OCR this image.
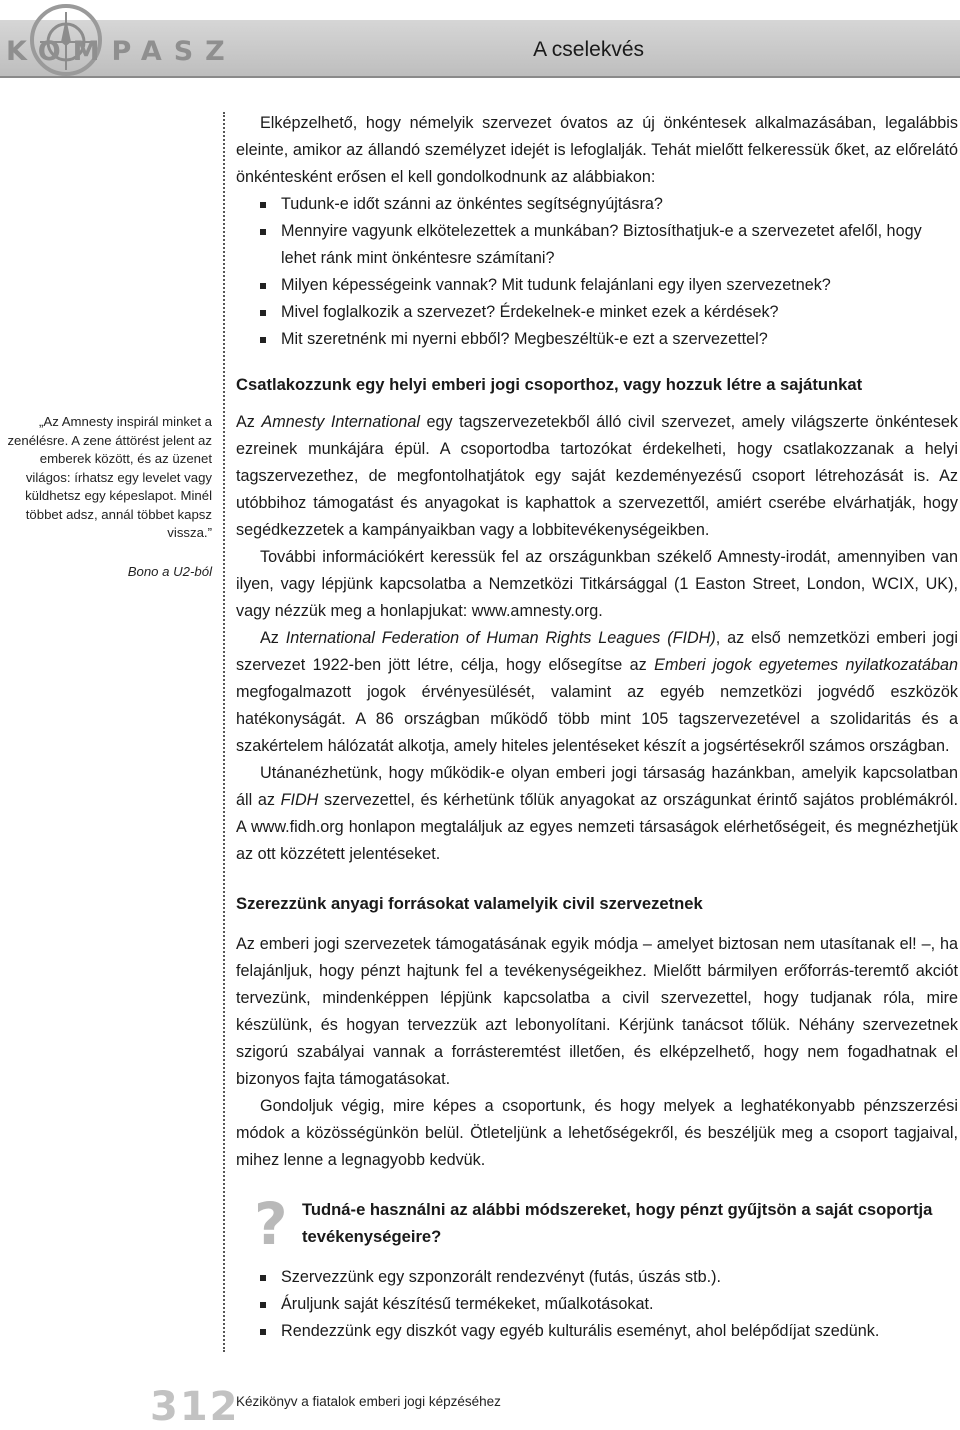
KOMPASZ	A cselekvés
„Az Amnesty inspirál minket a zenélésre. A zene áttörést jelent az emberek között, és az üzenet világos: írhatsz egy levelet vagy küldhetsz egy képeslapot. Minél többet adsz, annál többet kapsz vissza.”
Bono a U2-ból

Elképzelhető, hogy némelyik szervezet óvatos az új önkéntesek alkalmazásában, legalábbis eleinte, amikor az állandó személyzet idejét is lefoglalják. Tehát mielőtt felkeressük őket, az előrelátó önkéntesként erősen el kell gondolkodnunk az alábbiakon:

Tudunk-e időt szánni az önkéntes segítségnyújtásra?
Mennyire vagyunk elkötelezettek a munkában? Biztosíthatjuk-e a szervezetet afelől, hogy lehet ránk mint önkéntesre számítani?
Milyen képességeink vannak? Mit tudunk felajánlani egy ilyen szervezetnek?
Mivel foglalkozik a szervezet? Érdekelnek-e minket ezek a kérdések?
Mit szeretnénk mi nyerni ebből? Megbeszéltük-e ezt a szervezettel?
Csatlakozzunk egy helyi emberi jogi csoporthoz, vagy hozzuk létre a sajátunkat

Az Amnesty International egy tagszervezetekből álló civil szervezet, amely világszerte önkéntesek ezreinek munkájára épül. A csoportodba tartozókat érdekelheti, hogy csatlakozzanak a helyi tagszervezethez, de megfontolhatjátok egy saját kezdeményezésű csoport létrehozását is. Az utóbbihoz támogatást és anyagokat is kaphattok a szervezettől, amiért cserébe elvárhatják, hogy segédkezzetek a kampányaikban vagy a lobbitevékenységeikben.

További információkért keressük fel az országunkban székelő Amnesty-irodát, amennyiben van ilyen, vagy lépjünk kapcsolatba a Nemzetközi Titkársággal (1 Easton Street, London, WCIX, UK), vagy nézzük meg a honlapjukat: www.amnesty.org.

Az International Federation of Human Rights Leagues (FIDH), az első nemzetközi emberi jogi szervezet 1922-ben jött létre, célja, hogy elősegítse az Emberi jogok egyetemes nyilatkozatában megfogalmazott jogok érvényesülését, valamint az egyéb nemzetközi jogvédő eszközök hatékonyságát. A 86 országban működő több mint 105 tagszervezetével a szolidaritás és a szakértelem hálózatát alkotja, amely hiteles jelentéseket készít a jogsértésekről számos országban.

Utánanézhetünk, hogy működik-e olyan emberi jogi társaság hazánkban, amelyik kapcsolatban áll az FIDH szervezettel, és kérhetünk tőlük anyagokat az országunkat érintő sajátos problémákról. A www.fidh.org honlapon megtaláljuk az egyes nemzeti társaságok elérhetőségeit, és megnézhetjük az ott közzétett jelentéseket.

Szerezzünk anyagi forrásokat valamelyik civil szervezetnek

Az emberi jogi szervezetek támogatásának egyik módja – amelyet biztosan nem utasítanak el! –, ha felajánljuk, hogy pénzt hajtunk fel a tevékenységeikhez. Mielőtt bármilyen erőforrás-teremtő akciót tervezünk, mindenképpen lépjünk kapcsolatba a civil szervezettel, hogy tudjanak róla, mire készülünk, és hogyan tervezzük azt lebonyolítani. Kérjünk tanácsot tőlük. Néhány szervezetnek szigorú szabályai vannak a forrásteremtést illetően, és elképzelhető, hogy nem fogadhatnak el bizonyos fajta támogatásokat.

Gondoljuk végig, mire képes a csoportunk, és hogy melyek a leghatékonyabb pénzszerzési módok a közösségünkön belül. Ötleteljünk a lehetőségekről, és beszéljük meg a csoport tagjaival, mihez lenne a legnagyobb kedvük.

Tudná-e használni az alábbi módszereket, hogy pénzt gyűjtsön a saját csoportja tevékenységeire?
Szervezzünk egy szponzorált rendezvényt (futás, úszás stb.).
Áruljunk saját készítésű termékeket, műalkotásokat.
Rendezzünk egy diszkót vagy egyéb kulturális eseményt, ahol belépődíjat szedünk.
?
312
Kézikönyv a fiatalok emberi jogi képzéséhez
